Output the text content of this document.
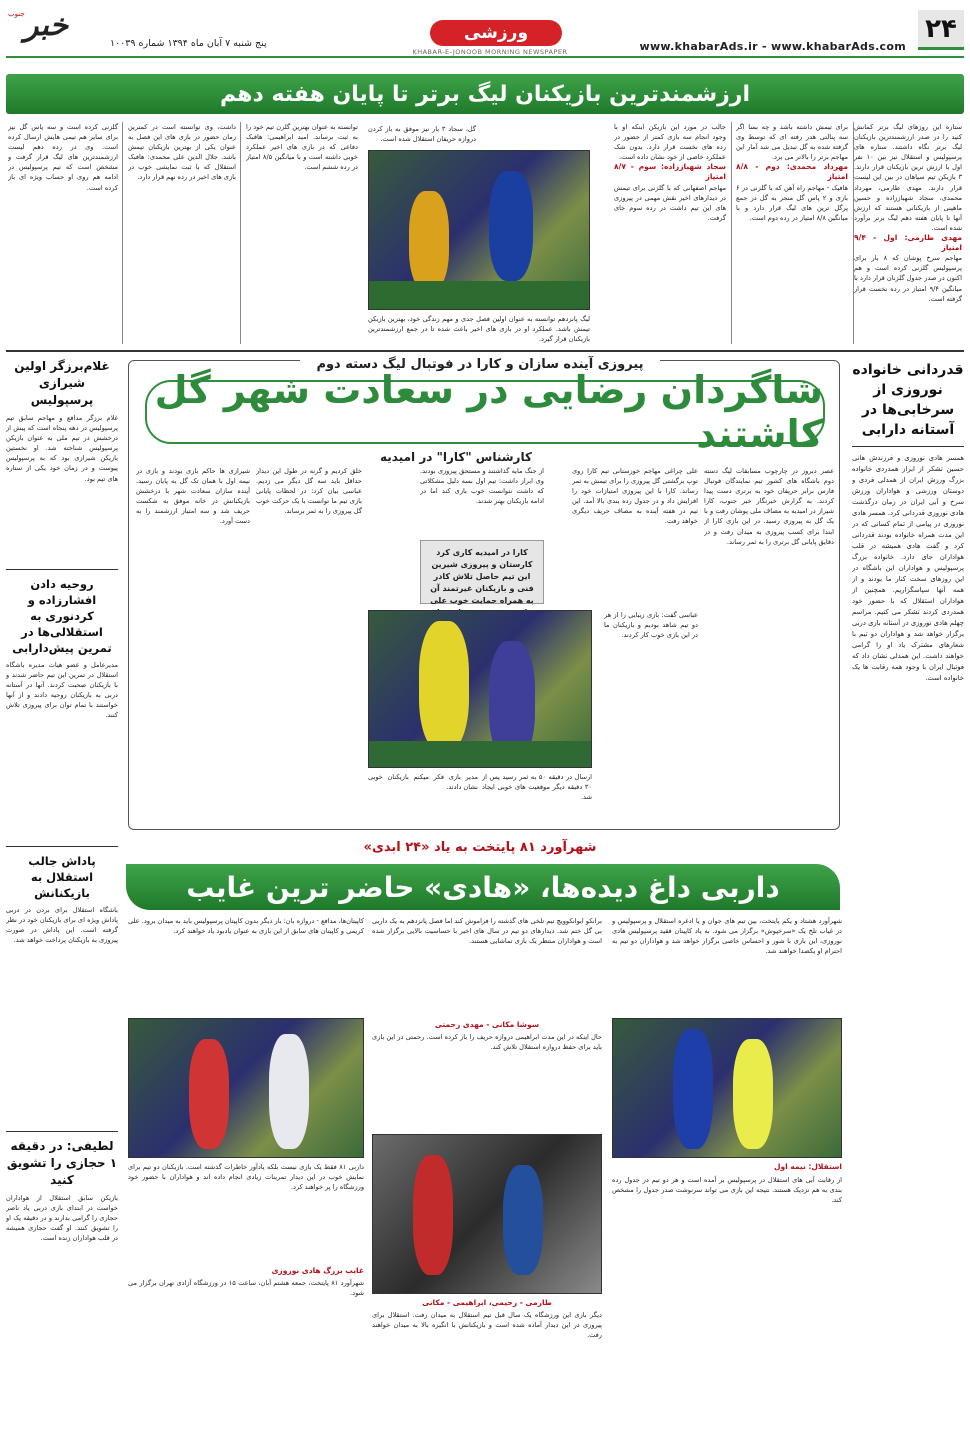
۲۴
www.khabarAds.ir - www.khabarAds.com
ورزشی
KHABAR-E-JONOOB MORNING NEWSPAPER
پنج شنبه ۷ آبان ماه ۱۳۹۴ شماره ۱۰۰۳۹
خبر
جنوب
ارزشمندترین بازیکنان لیگ برتر تا پایان هفته دهم
ستاره این روزهای لیگ برتر کمانش کنید را در صدر ارزشمندترین بازیکنان لیگ برتر نگاه داشتند. ستاره های پرسپولیس و استقلال نیز بین ۱۰ نفر اول با ارزش ترین بازیکنان قرار دارند. ۳ بازیکن تیم سپاهان در بین این لیست قرار دارند. مهدی طارمی، مهرداد محمدی، سجاد شهباززاده و حسین ماهینی از بازیکنانی هستند که ارزش آنها تا پایان هفته دهم لیگ برتر برآورد شده است.
مهدی طارمی: اول - ۹/۴ امتیاز
مهاجم سرخ پوشان که ۸ بار برای پرسپولیس گلزنی کرده است و هم اکنون در صدر جدول گلزنان قرار دارد با میانگین ۹/۴ امتیاز در رده نخست قرار گرفته است.
برای تیمش داشته باشد و چه بسا اگر سه پنالتی هدر رفته ای که توسط وی گرفته شده به گل تبدیل می شد آمار این مهاجم برتر را بالاتر می برد.
مهرداد محمدی: دوم - ۸/۸ امتیاز
هافبک - مهاجم راه آهن که با گلزنی در ۶ بازی و ۲ پاس گل منجر به گل در جمع پرگل ترین های لیگ قرار دارد و با میانگین ۸/۸ امتیاز در رده دوم است.
جالب در مورد این بازیکن اینکه او با وجود انجام سه بازی کمتر از حضور در رده های نخست قرار دارد. بدون شک عملکرد خاصی از خود نشان داده است.
سجاد شهباززاده: سوم - ۸/۷ امتیاز
مهاجم اصفهانی که با گلزنی برای تیمش در دیدارهای اخیر نقش مهمی در پیروزی های این تیم داشت در رده سوم جای گرفت.
گل، سجاد ۳ بار نیز موفق به باز کردن دروازه حریفان استقلال شده است.
لیگ پانزدهم توانسته به عنوان اولین فصل جدی و مهم زندگی خود، بهترین بازیکن تیمش باشد. عملکرد او در بازی های اخیر باعث شده تا در جمع ارزشمندترین بازیکنان قرار گیرد.
توانسته به عنوان بهترین گلزن تیم خود را به ثبت برساند. امید ابراهیمی: هافبک دفاعی که در بازی های اخیر عملکرد خوبی داشته است و با میانگین ۸/۵ امتیاز در رده ششم است.
داشت، وی توانسته است در کمترین زمان حضور در بازی های این فصل به عنوان یکی از بهترین بازیکنان تیمش باشد. جلال الدین علی محمدی: هافبک استقلال که با ثبت نمایشی خوب در بازی های اخیر در رده نهم قرار دارد.
گلزنی کرده است و سه پاس گل نیز برای سایر هم تیمی هایش ارسال کرده است. وی در رده دهم لیست ارزشمندترین های لیگ قرار گرفت و مشخص است که تیم پرسپولیس در ادامه هم روی او حساب ویژه ای باز کرده است.
قدردانی خانواده نوروزی از سرخابی‌ها در آستانه دارابی
همسر هادی نوروزی و فرزندش هانی حسین تشکر از ابراز همدردی خانواده بزرگ ورزش ایران از همدلی فردی و دوستان ورزشی و هواداران ورزش سرخ و آبی ایران در زمان درگذشت هادی نوروزی قدردانی کرد. همسر هادی نوروزی در پیامی از تمام کسانی که در این مدت همراه خانواده بودند قدردانی کرد و گفت هادی همیشه در قلب هواداران جای دارد. خانواده بزرگ پرسپولیس و هواداران این باشگاه در این روزهای سخت کنار ما بودند و از همه آنها سپاسگزاریم. همچنین از هواداران استقلال که با حضور خود همدردی کردند تشکر می کنیم. مراسم چهلم هادی نوروزی در آستانه بازی دربی برگزار خواهد شد و هواداران دو تیم با شعارهای مشترک یاد او را گرامی خواهند داشت. این همدلی نشان داد که فوتبال ایران با وجود همه رقابت ها یک خانواده است.
غلام‌برزگر اولین شیرازی پرسپولیس
غلام برزگر مدافع و مهاجم سابق تیم پرسپولیس در دهه پنجاه است که پیش از درخشش در تیم ملی به عنوان بازیکن پرسپولیس شناخته شد. او نخستین بازیکن شیرازی بود که به پرسپولیس پیوست و در زمان خود یکی از ستاره های تیم بود.
روحیه دادن افشارزاده و کردنوری به استقلالی‌ها در تمرین پیش‌دارابی
مدیرعامل و عضو هیات مدیره باشگاه استقلال در تمرین این تیم حاضر شدند و با بازیکنان صحبت کردند. آنها در آستانه دربی به بازیکنان روحیه دادند و از آنها خواستند با تمام توان برای پیروزی تلاش کنند.
پاداش جالب استقلال به بازیکنانش
باشگاه استقلال برای بردن در دربی پاداش ویژه ای برای بازیکنان خود در نظر گرفته است. این پاداش در صورت پیروزی به بازیکنان پرداخت خواهد شد.
لطیفی: در دقیقه ۱ حجازی را تشویق کنید
بازیکن سابق استقلال از هواداران خواست در ابتدای بازی دربی یاد ناصر حجازی را گرامی بدارند و در دقیقه یک او را تشویق کنند. او گفت حجازی همیشه در قلب هواداران زنده است.
پیروزی آینده سازان و کارا در فوتبال لیگ دسته دوم
شاگردان رضایی در سعادت شهر گل کاشتند
کارشناس "کارا" در امیدیه
عصر دیروز در چارچوب مسابقات لیگ دسته دوم باشگاه های کشور تیم نمایندگان فوتبال فارس برابر حریفان خود به برتری دست پیدا کردند. به گزارش خبرنگار خبر جنوب، کارا شیراز در امیدیه به مصاف ملی پوشان رفت و با یک گل به پیروزی رسید. در این بازی کارا از ابتدا برای کسب پیروزی به میدان رفت و در دقایق پایانی گل برتری را به ثمر رساند.
علی چراغی مهاجم خوزستانی تیم کارا روی توپ برگشتی گل پیروزی را برای تیمش به ثمر رساند. کارا با این پیروزی امتیازات خود را افزایش داد و در جدول رده بندی بالا آمد. این تیم در هفته آینده به مصاف حریف دیگری خواهد رفت.
از جنگ مایه گذاشتند و مستحق پیروزی بودند. وی ابراز داشت: تیم اول بسه دلیل مشکلاتی که داشت نتوانست خوب بازی کند اما در ادامه بازیکنان بهتر شدند.
کارا در امیدیه کاری کرد کارستان و پیروزی شیرین این تیم حاصل تلاش کادر فنی و بازیکنان غیرتمند آن به همراه حمایت خوب علی
عباسی گفت: بازی زیبایی را از هر دو تیم شاهد بودیم و بازیکنان ما در این بازی خوب کار کردند.
مدیر بازی فکر میکنم بازیکنان خوبی نشان دادند.
ارسال در دقیقه ۵۰ به ثمر رسید پس از ۳۰ دقیقه دیگر موقعیت های خوبی ایجاد شد.
خلق کردیم و گرنه در طول این دیدار حداقل باید سه گل دیگر می زدیم. عباسی بیان کرد: در لحظات پایانی بازی تیم ما توانست با یک حرکت خوب گل پیروزی را به ثمر برساند.
شیرازی ها حاکم بازی بودند و بازی در نیمه اول با همان تک گل به پایان رسید. آینده سازان سعادت شهر با درخشش بازیکنانش در خانه موفق به شکست حریف شد و سه امتیاز ارزشمند را به دست آورد.
شهرآورد ۸۱ پایتخت به یاد «۲۴ ابدی»
داربی داغ دیده‌ها، «هادی» حاضر ترین غایب
شهرآورد هشتاد و یکم پایتخت، بین تیم های جوان و یا ادغره استقلال و پرسپولیس و در غیاب تلخ یک «سرخپوش» برگزار می شود. به یاد کاپیتان فقید پرسپولیس هادی نوروزی، این بازی با شور و احساس خاصی برگزار خواهد شد و هواداران دو تیم به احترام او یکصدا خواهند شد.
برانکو ایوانکوویچ تیم تلخی های گذشته را فراموش کند اما فصل پانزدهم به یک داربی بی گل ختم شد. دیدارهای دو تیم در سال های اخیر با حساسیت بالایی برگزار شده است و هواداران منتظر یک بازی تماشایی هستند.
کاپیتان‌ها، مدافع - دروازه بان: بار دیگر بدون کاپیتان پرسپولیس باید به میدان برود. علی کریمی و کاپیتان های سابق از این بازی به عنوان یادبود یاد خواهند کرد.
استقلال: نیمه اول
از رقابت آبی های استقلال در پرسپولیس بر آمده است و هر دو تیم در جدول رده بندی به هم نزدیک هستند. نتیجه این بازی می تواند سرنوشت صدر جدول را مشخص کند.
سوشا مکانی - مهدی رحمتی
حال اینکه در این مدت ابراهیمی دروازه حریف را باز کرده است. رحمتی در این بازی باید برای حفظ دروازه استقلال تلاش کند.
طارمی - رحیمی، ابراهیمی - مکانی
دیگر بازی این ورزشگاه یک سال قبل تیم استقلال به میدان رفت. استقلال برای پیروزی در این دیدار آماده شده است و بازیکنانش با انگیزه بالا به میدان خواهند رفت.
داربی ۸۱ فقط یک بازی نیست بلکه یادآور خاطرات گذشته است. بازیکنان دو تیم برای نمایش خوب در این دیدار تمرینات زیادی انجام داده اند و هواداران با حضور خود ورزشگاه را پر خواهند کرد.
غایب بزرگ هادی نوروزی
شهرآورد ۸۱ پایتخت، جمعه هشتم آبان، ساعت ۱۵ در ورزشگاه آزادی تهران برگزار می شود.
